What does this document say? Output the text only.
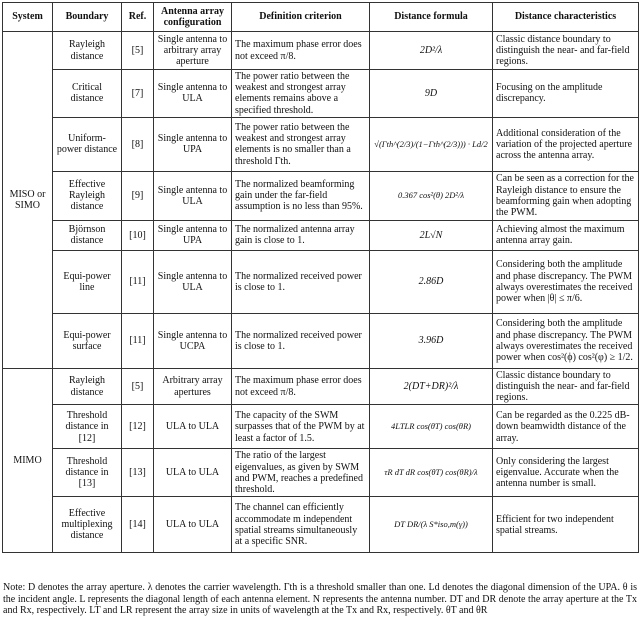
System	Boundary	Ref.	Antenna array configuration	Definition criterion	Distance formula	Distance characteristics
MISO or SIMO	Rayleigh distance	[5]	Single antenna to arbitrary array aperture	The maximum phase error does not exceed π/8.	2D²/λ	Classic distance boundary to distinguish the near- and far-field regions.
	Critical distance	[7]	Single antenna to ULA	The power ratio between the weakest and strongest array elements remains above a specified threshold.	9D	Focusing on the amplitude discrepancy.
	Uniform-power distance	[8]	Single antenna to UPA	The power ratio between the weakest and strongest array elements is no smaller than a threshold Γth.	√(Γth^(2/3)/(1−Γth^(2/3))) · Ld/2	Additional consideration of the variation of the projected aperture across the antenna array.
	Effective Rayleigh distance	[9]	Single antenna to ULA	The normalized beamforming gain under the far-field assumption is no less than 95%.	0.367 cos²(θ) 2D²/λ	Can be seen as a correction for the Rayleigh distance to ensure the beamforming gain when adopting the PWM.
	Björnson distance	[10]	Single antenna to UPA	The normalized antenna array gain is close to 1.	2L√N	Achieving almost the maximum antenna array gain.
	Equi-power line	[11]	Single antenna to ULA	The normalized received power is close to 1.	2.86D	Considering both the amplitude and phase discrepancy. The PWM always overestimates the received power when |θ| ≤ π/6.
	Equi-power surface	[11]	Single antenna to UCPA	The normalized received power is close to 1.	3.96D	Considering both the amplitude and phase discrepancy. The PWM always overestimates the received power when cos²(ϕ) cos²(φ) ≥ 1/2.
MIMO	Rayleigh distance	[5]	Arbitrary array apertures	The maximum phase error does not exceed π/8.	2(DT+DR)²/λ	Classic distance boundary to distinguish the near- and far-field regions.
	Threshold distance in [12]	[12]	ULA to ULA	The capacity of the SWM surpasses that of the PWM by at least a factor of 1.5.	4LTLR cos(θT) cos(θR)	Can be regarded as the 0.225 dB-down beamwidth distance of the array.
	Threshold distance in [13]	[13]	ULA to ULA	The ratio of the largest eigenvalues, as given by SWM and PWM, reaches a predefined threshold.	τR dT dR cos(θT) cos(θR)/λ	Only considering the largest eigenvalue. Accurate when the antenna number is small.
	Effective multiplexing distance	[14]	ULA to ULA	The channel can efficiently accommodate m independent spatial streams simultaneously at a specific SNR.	DT DR/(λ S*iso,m(γ))	Efficient for two independent spatial streams.
Note: D denotes the array aperture. λ denotes the carrier wavelength. Γth is a threshold smaller than one. Ld denotes the diagonal dimension of the UPA. θ is the incident angle. L represents the diagonal length of each antenna element. N represents the antenna number. DT and DR denote the array aperture at the Tx and Rx, respectively. LT and LR represent the array size in units of wavelength at the Tx and Rx, respectively. θT and θR
